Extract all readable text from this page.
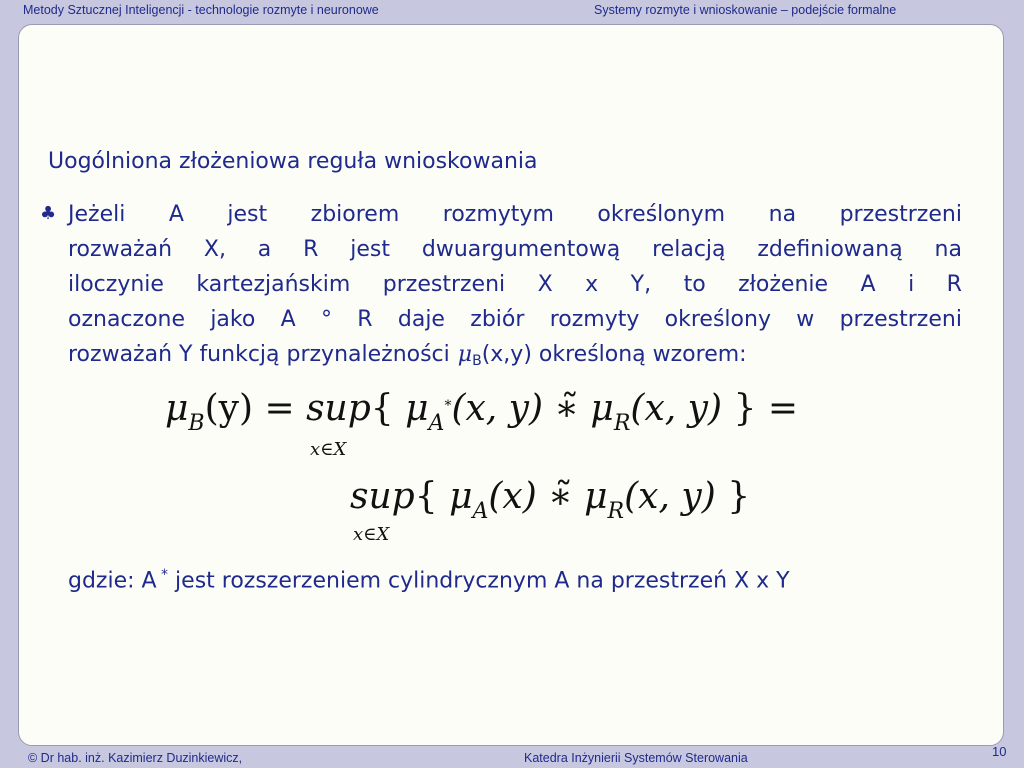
Metody Sztucznej Inteligencji - technologie rozmyte i neuronowe	Systemy rozmyte i wnioskowanie – podejście formalne
Uogólniona złożeniowa reguła wnioskowania
♣ Jeżeli A jest zbiorem rozmytym określonym na przestrzeni
rozważań X, a R jest dwuargumentową relacją zdefiniowaną na
iloczynie kartezjańskim przestrzeni X x Y, to złożenie A i R
oznaczone jako A ° R daje zbiór rozmyty określony w przestrzeni
rozważań Y funkcją przynależności $\mu_B(x,y)$ określoną wzorem:
$\mu_B(y) = sup${ $\mu_A^*(x$, y) ∗̃ $\mu_R(x$, y) } =
x∈X
sup{ $\mu_A(x)$ ∗̃ $\mu_R(x$, y) }
x∈X
gdzie: A * jest rozszerzeniem cylindrycznym A na przestrzeń X x Y
© Dr hab. inż. Kazimierz Duzinkiewicz,	Katedra Inżynierii Systemów Sterowania	10
